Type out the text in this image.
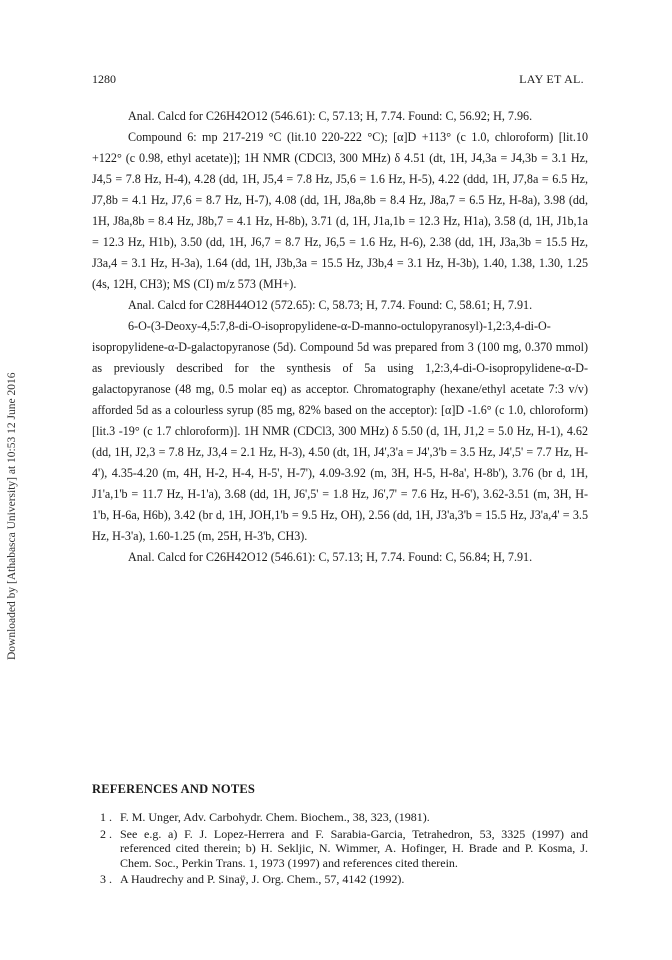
Downloaded by [Athabasca University] at 10:53 12 June 2016
1280	LAY ET AL.

Anal. Calcd for C26H42O12 (546.61): C, 57.13; H, 7.74. Found: C, 56.92; H, 7.96.

Compound 6: mp 217-219 °C (lit.10 220-222 °C); [α]D +113° (c 1.0, chloroform) [lit.10 +122° (c 0.98, ethyl acetate)]; 1H NMR (CDCl3, 300 MHz) δ 4.51 (dt, 1H, J4,3a = J4,3b = 3.1 Hz, J4,5 = 7.8 Hz, H-4), 4.28 (dd, 1H, J5,4 = 7.8 Hz, J5,6 = 1.6 Hz, H-5), 4.22 (ddd, 1H, J7,8a = 6.5 Hz, J7,8b = 4.1 Hz, J7,6 = 8.7 Hz, H-7), 4.08 (dd, 1H, J8a,8b = 8.4 Hz, J8a,7 = 6.5 Hz, H-8a), 3.98 (dd, 1H, J8a,8b = 8.4 Hz, J8b,7 = 4.1 Hz, H-8b), 3.71 (d, 1H, J1a,1b = 12.3 Hz, H1a), 3.58 (d, 1H, J1b,1a = 12.3 Hz, H1b), 3.50 (dd, 1H, J6,7 = 8.7 Hz, J6,5 = 1.6 Hz, H-6), 2.38 (dd, 1H, J3a,3b = 15.5 Hz, J3a,4 = 3.1 Hz, H-3a), 1.64 (dd, 1H, J3b,3a = 15.5 Hz, J3b,4 = 3.1 Hz, H-3b), 1.40, 1.38, 1.30, 1.25 (4s, 12H, CH3); MS (CI) m/z 573 (MH+).

Anal. Calcd for C28H44O12 (572.65): C, 58.73; H, 7.74. Found: C, 58.61; H, 7.91.

6-O-(3-Deoxy-4,5:7,8-di-O-isopropylidene-α-D-manno-octulopyranosyl)-1,2:3,4-di-O-isopropylidene-α-D-galactopyranose (5d). Compound 5d was prepared from 3 (100 mg, 0.370 mmol) as previously described for the synthesis of 5a using 1,2:3,4-di-O-isopropylidene-α-D-galactopyranose (48 mg, 0.5 molar eq) as acceptor. Chromatography (hexane/ethyl acetate 7:3 v/v) afforded 5d as a colourless syrup (85 mg, 82% based on the acceptor): [α]D -1.6° (c 1.0, chloroform) [lit.3 -19° (c 1.7 chloroform)]. 1H NMR (CDCl3, 300 MHz) δ 5.50 (d, 1H, J1,2 = 5.0 Hz, H-1), 4.62 (dd, 1H, J2,3 = 7.8 Hz, J3,4 = 2.1 Hz, H-3), 4.50 (dt, 1H, J4',3'a = J4',3'b = 3.5 Hz, J4',5' = 7.7 Hz, H-4'), 4.35-4.20 (m, 4H, H-2, H-4, H-5', H-7'), 4.09-3.92 (m, 3H, H-5, H-8a', H-8b'), 3.76 (br d, 1H, J1'a,1'b = 11.7 Hz, H-1'a), 3.68 (dd, 1H, J6',5' = 1.8 Hz, J6',7' = 7.6 Hz, H-6'), 3.62-3.51 (m, 3H, H-1'b, H-6a, H6b), 3.42 (br d, 1H, JOH,1'b = 9.5 Hz, OH), 2.56 (dd, 1H, J3'a,3'b = 15.5 Hz, J3'a,4' = 3.5 Hz, H-3'a), 1.60-1.25 (m, 25H, H-3'b, CH3).

Anal. Calcd for C26H42O12 (546.61): C, 57.13; H, 7.74. Found: C, 56.84; H, 7.91.

REFERENCES AND NOTES
1 . F. M. Unger, Adv. Carbohydr. Chem. Biochem., 38, 323, (1981).
2 . See e.g. a) F. J. Lopez-Herrera and F. Sarabia-Garcia, Tetrahedron, 53, 3325 (1997) and referenced cited therein; b) H. Sekljic, N. Wimmer, A. Hofinger, H. Brade and P. Kosma, J. Chem. Soc., Perkin Trans. 1, 1973 (1997) and references cited therein.
3 . A Haudrechy and P. Sinaÿ, J. Org. Chem., 57, 4142 (1992).
